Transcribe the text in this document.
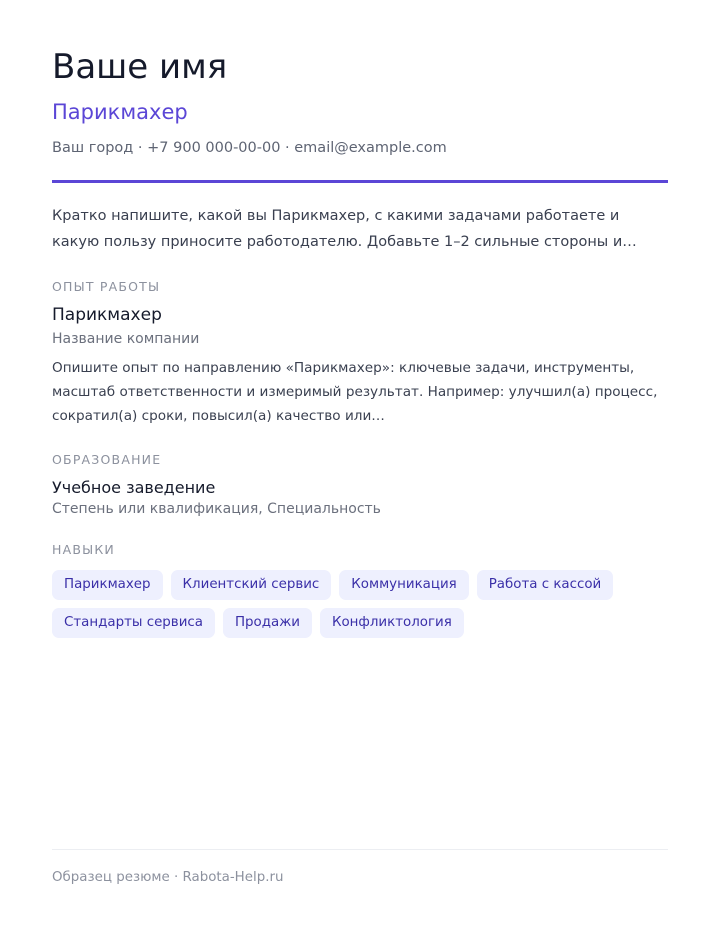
Ваше имя
Парикмахер
Ваш город · +7 900 000-00-00 · email@example.com
Кратко напишите, какой вы Парикмахер, с какими задачами работаете и какую пользу приносите работодателю. Добавьте 1–2 сильные стороны и…
ОПЫТ РАБОТЫ
Парикмахер
Название компании
Опишите опыт по направлению «Парикмахер»: ключевые задачи, инструменты, масштаб ответственности и измеримый результат. Например: улучшил(а) процесс, сократил(а) сроки, повысил(а) качество или…
ОБРАЗОВАНИЕ
Учебное заведение
Степень или квалификация, Специальность
НАВЫКИ
Парикмахер	Клиентский сервис	Коммуникация	Работа с кассой
Стандарты сервиса	Продажи	Конфликтология
Образец резюме · Rabota-Help.ru
